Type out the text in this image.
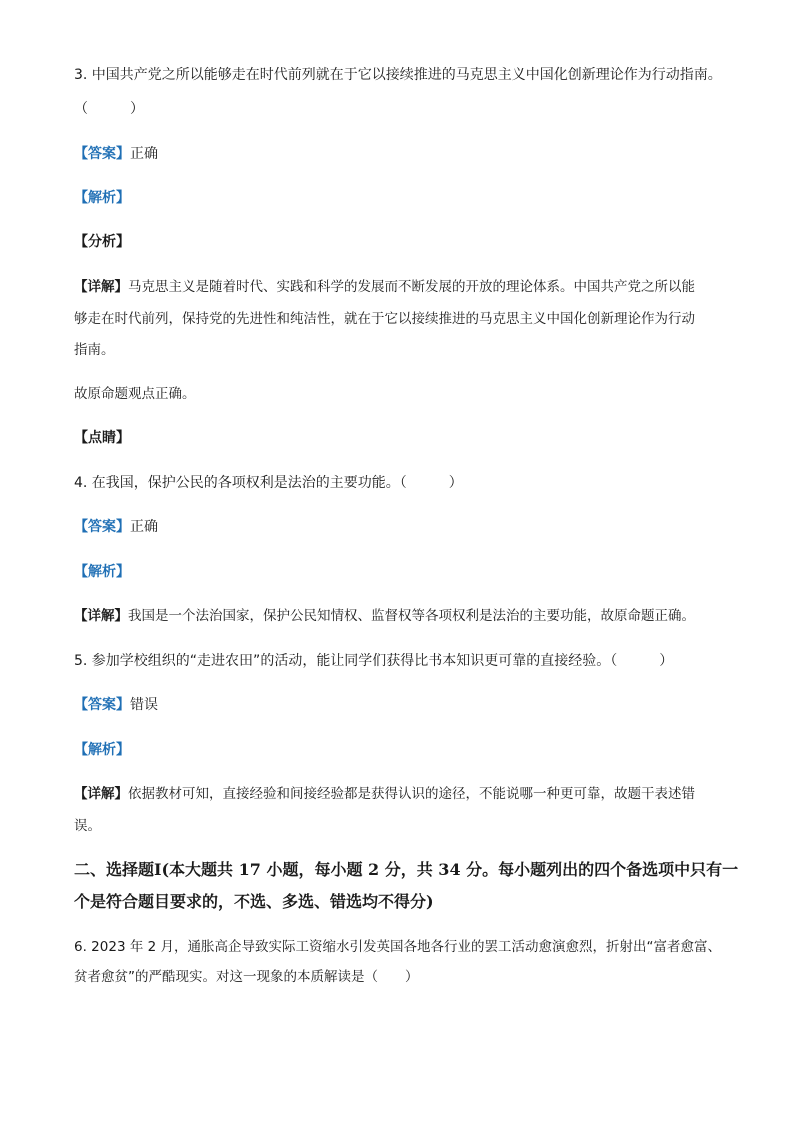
3. 中国共产党之所以能够走在时代前列就在于它以接续推进的马克思主义中国化创新理论作为行动指南。
（　　　）
【答案】正确
【解析】
【分析】
【详解】马克思主义是随着时代、实践和科学的发展而不断发展的开放的理论体系。中国共产党之所以能
够走在时代前列，保持党的先进性和纯洁性，就在于它以接续推进的马克思主义中国化创新理论作为行动
指南。
故原命题观点正确。
【点睛】
4. 在我国，保护公民的各项权利是法治的主要功能。（　　　）
【答案】正确
【解析】
【详解】我国是一个法治国家，保护公民知情权、监督权等各项权利是法治的主要功能，故原命题正确。
5. 参加学校组织的“走进农田”的活动，能让同学们获得比书本知识更可靠的直接经验。（　　　）
【答案】错误
【解析】
【详解】依据教材可知，直接经验和间接经验都是获得认识的途径，不能说哪一种更可靠，故题干表述错
误。
二、选择题Ⅰ(本大题共 17 小题，每小题 2 分，共 34 分。每小题列出的四个备选项中只有一
个是符合题目要求的，不选、多选、错选均不得分)
6. 2023 年 2 月，通胀高企导致实际工资缩水引发英国各地各行业的罢工活动愈演愈烈，折射出“富者愈富、
贫者愈贫”的严酷现实。对这一现象的本质解读是（　　）
